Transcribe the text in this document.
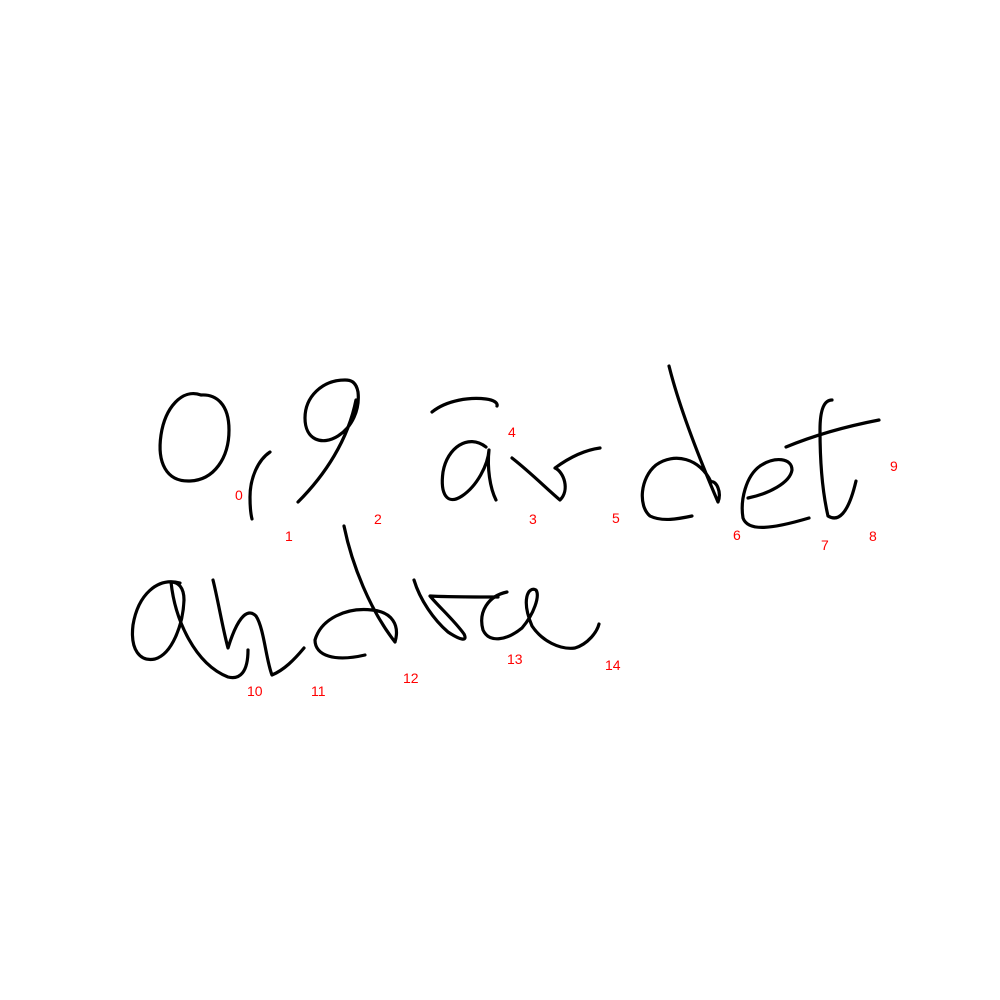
0
1
2	3
4
5
6
7
8
9
10	11
12
13	14
